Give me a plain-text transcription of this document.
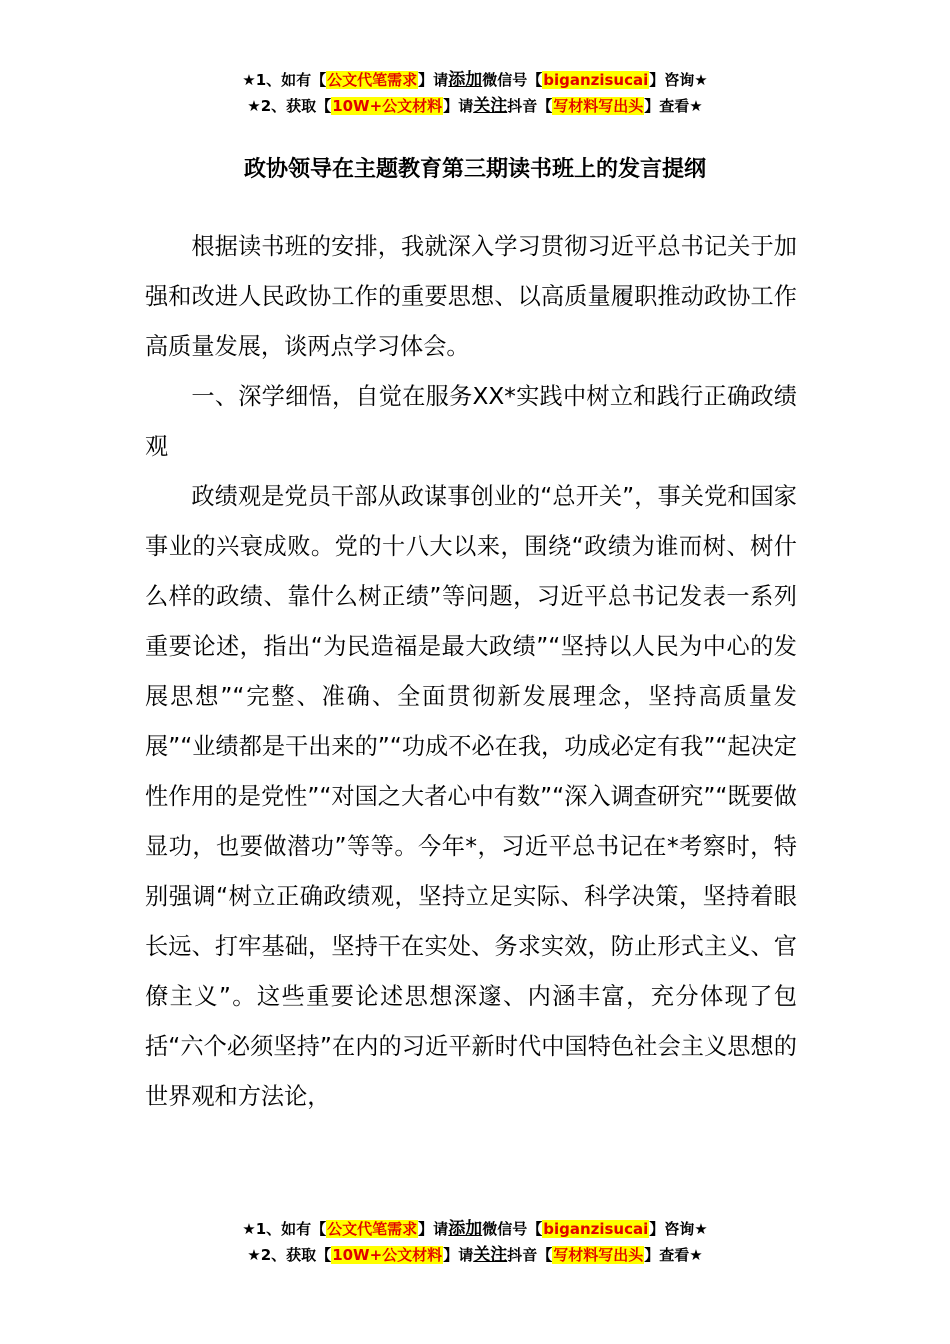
★1、如有【公文代笔需求】请添加微信号【biganzisucai】咨询★
★2、获取【10W+公文材料】请关注抖音【写材料写出头】查看★
政协领导在主题教育第三期读书班上的发言提纲

根据读书班的安排，我就深入学习贯彻习近平总书记关于加强和改进人民政协工作的重要思想、以高质量履职推动政协工作高质量发展，谈两点学习体会。

一、深学细悟，自觉在服务XX*实践中树立和践行正确政绩观

政绩观是党员干部从政谋事创业的“总开关”，事关党和国家事业的兴衰成败。党的十八大以来，围绕“政绩为谁而树、树什么样的政绩、靠什么树正绩”等问题，习近平总书记发表一系列重要论述，指出“为民造福是最大政绩”“坚持以人民为中心的发展思想”“完整、准确、全面贯彻新发展理念，坚持高质量发展”“业绩都是干出来的”“功成不必在我，功成必定有我”“起决定性作用的是党性”“对国之大者心中有数”“深入调查研究”“既要做显功，也要做潜功”等等。今年*，习近平总书记在*考察时，特别强调“树立正确政绩观，坚持立足实际、科学决策，坚持着眼长远、打牢基础，坚持干在实处、务求实效，防止形式主义、官僚主义”。这些重要论述思想深邃、内涵丰富，充分体现了包括“六个必须坚持”在内的习近平新时代中国特色社会主义思想的世界观和方法论，

★1、如有【公文代笔需求】请添加微信号【biganzisucai】咨询★
★2、获取【10W+公文材料】请关注抖音【写材料写出头】查看★
